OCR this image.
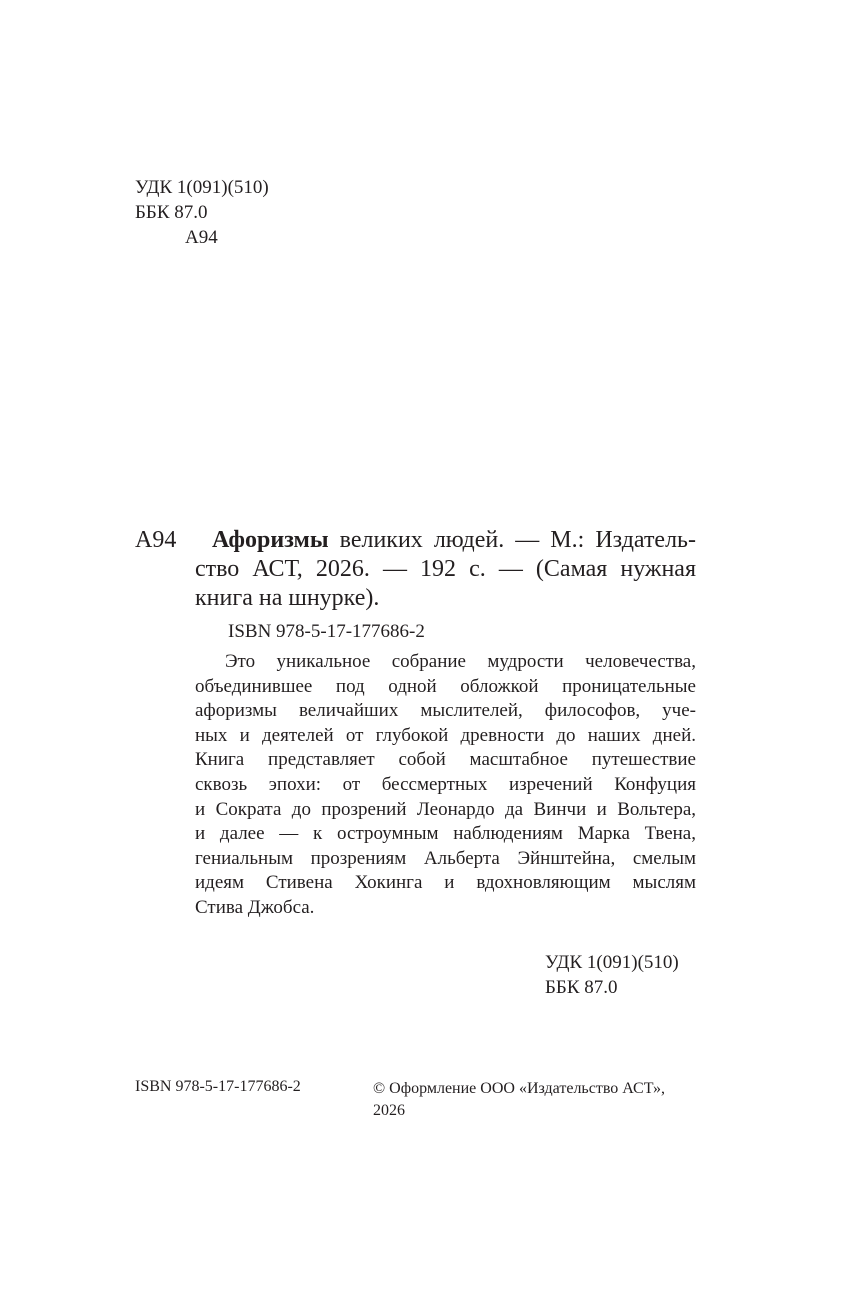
УДК 1(091)(510)
ББК 87.0
А94
А94	Афоризмы великих людей. — М.: Издатель-
ство АСТ, 2026. — 192 с. — (Самая нужная
книга на шнурке).
ISBN 978-5-17-177686-2
Это уникальное собрание мудрости человечества,
объединившее под одной обложкой проницательные
афоризмы величайших мыслителей, философов, уче-
ных и деятелей от глубокой древности до наших дней.
Книга представляет собой масштабное путешествие
сквозь эпохи: от бессмертных изречений Конфуция
и Сократа до прозрений Леонардо да Винчи и Вольтера,
и далее — к остроумным наблюдениям Марка Твена,
гениальным прозрениям Альберта Эйнштейна, смелым
идеям Стивена Хокинга и вдохновляющим мыслям
Стива Джобса.
УДК 1(091)(510)
ББК 87.0
ISBN 978-5-17-177686-2	© Оформление ООО «Издательство АСТ»,
2026
